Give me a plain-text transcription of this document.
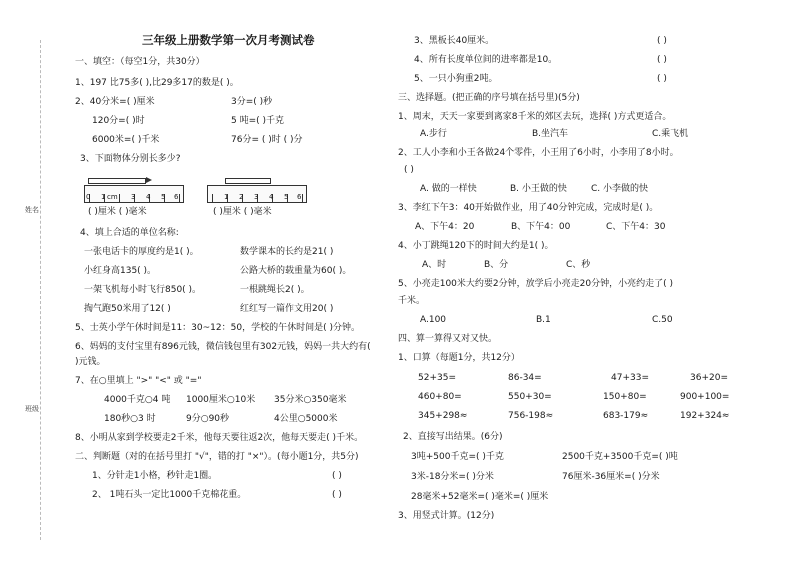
姓名
班级
三年级上册数学第一次月考测试卷
一、填空：（每空1分，共30分）
1、197 比75多( ),比29多17的数是( )。
2、40分米=( )厘米	3分=( )秒
120分=( )时	5 吨=( )千克
6000米=( )千米	76分= ( )时 ( )分
3、下面物体分别长多少?
0 1 cm 3 4 5 6
( )厘米 ( )毫米
1 2 3 4 5 6
( )厘米 ( )毫米
4、填上合适的单位名称:
一张电话卡的厚度约是1( )。	数学课本的长约是21( )
小红身高135( )。	公路大桥的载重量为60( )。
一架飞机每小时飞行850( )。	一根跳绳长2( )。
掏气跑50米用了12( )	红红写一篇作文用20( )
5、士英小学午休时间是11：30~12：50，学校的午休时间是( )分钟。
6、妈妈的支付宝里有896元钱，微信钱包里有302元钱，妈妈一共大约有(
)元钱。
7、在○里填上 ">" "<" 或 "="
4000千克○4 吨 1000厘米○10米 35分米○350毫米
180秒○3 时	9分○90秒	4公里○5000米
8、小明从家到学校要走2千米，他每天要往返2次，他每天要走( )千米。
二、判断题（对的在括号里打 "√"，错的打 "×"）。(每小题1分，共5分)
1、分针走1小格，秒针走1圈。	( )
2、 1吨石头一定比1000千克棉花重。	( )
3、黑板长40厘米。	( )
4、所有长度单位间的进率都是10。	( )
5、一只小狗重2吨。	( )
三、选择题。(把正确的序号填在括号里)(5分)
1、周末，天天一家要到离家8千米的郊区去玩，选择( )方式更适合。
A.步行	B.坐汽车	C.乘飞机
2、工人小李和小王各做24个零件，小王用了6小时，小李用了8小时。
( )
A. 做的一样快	B. 小王做的快	C. 小李做的快
3、李红下午3：40开始做作业，用了40分钟完成，完成时是( )。
A、下午4：20	B、下午4：00	C、下午4：30
4、小丁跳绳120下的时间大约是1( )。
A、时	B、分	C、秒
5、小亮走100米大约要2分钟，放学后小亮走20分钟，小亮约走了( )
千米。
A.100	B.1	C.50
四、算一算得又对又快。
1、口算（每题1分，共12分）
52+35=	86-34=	47+33=	36+20=
460+80=	550+30=	150+80=	900+100=
345+298≈	756-198≈	683-179≈	192+324≈
2、直接写出结果。(6分)
3吨+500千克=( )千克	2500千克+3500千克=( )吨
3米-18分米=( )分米	76厘米-36厘米=( )分米
28毫米+52毫米=( )毫米=( )厘米
3、用竖式计算。(12分)
